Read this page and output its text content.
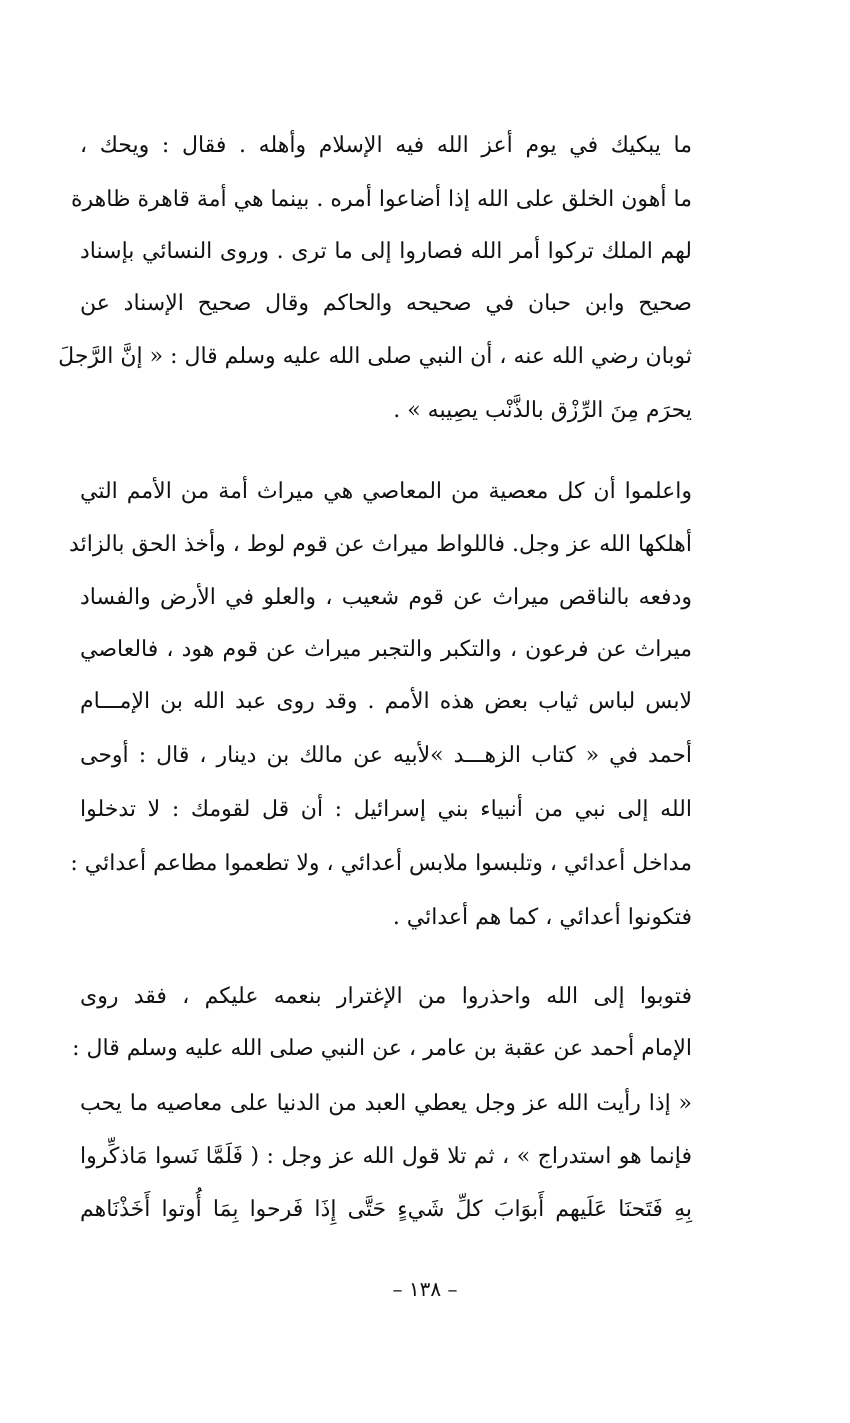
ما يبكيك في يوم أعز الله فيه الإسلام وأهله . فقال : ويحك ،
ما أهون الخلق على الله إذا أضاعوا أمره . بينما هي أمة قاهرة ظاهرة
لهم الملك تركوا أمر الله فصاروا إلى ما ترى . وروى النسائي بإسناد
صحيح وابن حبان في صحيحه والحاكم وقال صحيح الإسناد عن
ثوبان رضي الله عنه ، أن النبي صلى الله عليه وسلم قال : « إنَّ الرَّجلَ
يحرَم مِنَ الرِّزْق بالذَّنْب يصِيبه » .
واعلموا أن كل معصية من المعاصي هي ميراث أمة من الأمم التي
أهلكها الله عز وجل. فاللواط ميراث عن قوم لوط ، وأخذ الحق بالزائد
ودفعه بالناقص ميراث عن قوم شعيب ، والعلو في الأرض والفساد
ميراث عن فرعون ، والتكبر والتجبر ميراث عن قوم هود ، فالعاصي
لابس لباس ثياب بعض هذه الأمم . وقد روى عبد الله بن الإمـــام
أحمد في « كتاب الزهـــد »لأبيه عن مالك بن دينار ، قال : أوحى
الله إلى نبي من أنبياء بني إسرائيل : أن قل لقومك : لا تدخلوا
مداخل أعدائي ، وتلبسوا ملابس أعدائي ، ولا تطعموا مطاعم أعدائي :
فتكونوا أعدائي ، كما هم أعدائي .
فتوبوا إلى الله واحذروا من الإغترار بنعمه عليكم ، فقد روى
الإمام أحمد عن عقبة بن عامر ، عن النبي صلى الله عليه وسلم قال :
« إذا رأيت الله عز وجل يعطي العبد من الدنيا على معاصيه ما يحب
فإنما هو استدراج » ، ثم تلا قول الله عز وجل : ( فَلَمَّا نَسوا مَاذكِّروا
بِهِ فَتَحنَا عَلَيهم أَبوَابَ كلِّ شَيءٍ حَتَّى إِذَا فَرحوا بِمَا أُوتوا أَخَذْنَاهم
– ١٣٨ –
